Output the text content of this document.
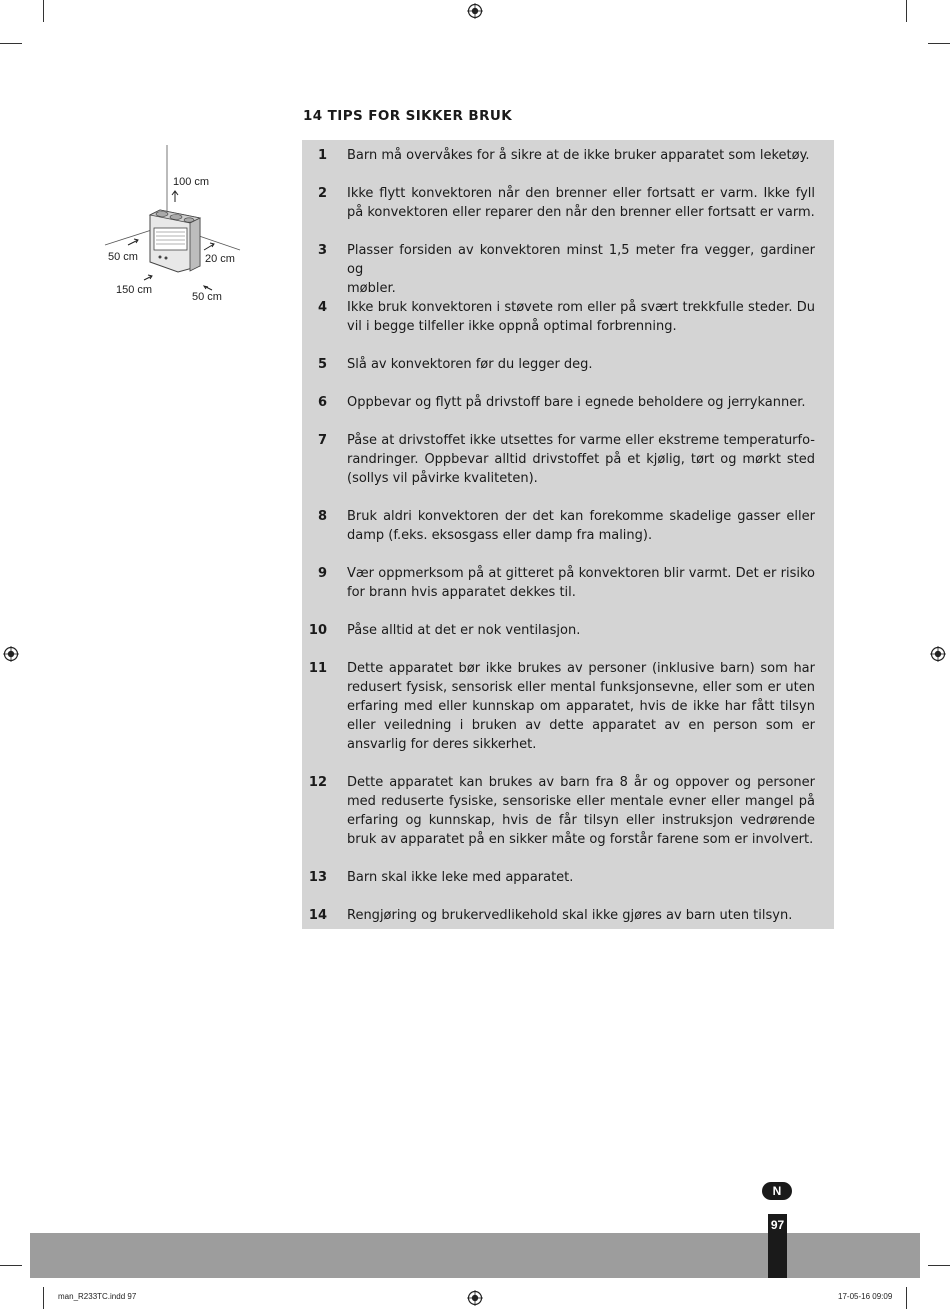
100 cm
50 cm	20 cm
150 cm
50 cm
14 TIPS FOR SIKKER BRUK
1 Barn må overvåkes for å sikre at de ikke bruker apparatet som leketøy.
2 Ikke flytt konvektoren når den brenner eller fortsatt er varm. Ikke fyll
på konvektoren eller reparer den når den brenner eller fortsatt er varm.
3 Plasser forsiden av konvektoren minst 1,5 meter fra vegger, gardiner og
møbler.
4 Ikke bruk konvektoren i støvete rom eller på svært trekkfulle steder. Du
vil i begge tilfeller ikke oppnå optimal forbrenning.
5 Slå av konvektoren før du legger deg.
6 Oppbevar og flytt på drivstoff bare i egnede beholdere og jerrykanner.
7 Påse at drivstoffet ikke utsettes for varme eller ekstreme temperaturfo-
randringer. Oppbevar alltid drivstoffet på et kjølig, tørt og mørkt sted
(sollys vil påvirke kvaliteten).
8 Bruk aldri konvektoren der det kan forekomme skadelige gasser eller
damp (f.eks. eksosgass eller damp fra maling).
9 Vær oppmerksom på at gitteret på konvektoren blir varmt. Det er risiko
for brann hvis apparatet dekkes til.
10 Påse alltid at det er nok ventilasjon.
11 Dette apparatet bør ikke brukes av personer (inklusive barn) som har
redusert fysisk, sensorisk eller mental funksjonsevne, eller som er uten
erfaring med eller kunnskap om apparatet, hvis de ikke har fått tilsyn
eller veiledning i bruken av dette apparatet av en person som er
ansvarlig for deres sikkerhet.
12 Dette apparatet kan brukes av barn fra 8 år og oppover og personer
med reduserte fysiske, sensoriske eller mentale evner eller mangel på
erfaring og kunnskap, hvis de får tilsyn eller instruksjon vedrørende
bruk av apparatet på en sikker måte og forstår farene som er involvert.
13 Barn skal ikke leke med apparatet.
14 Rengjøring og brukervedlikehold skal ikke gjøres av barn uten tilsyn.
N
97
man_R233TC.indd 97	17-05-16 09:09
